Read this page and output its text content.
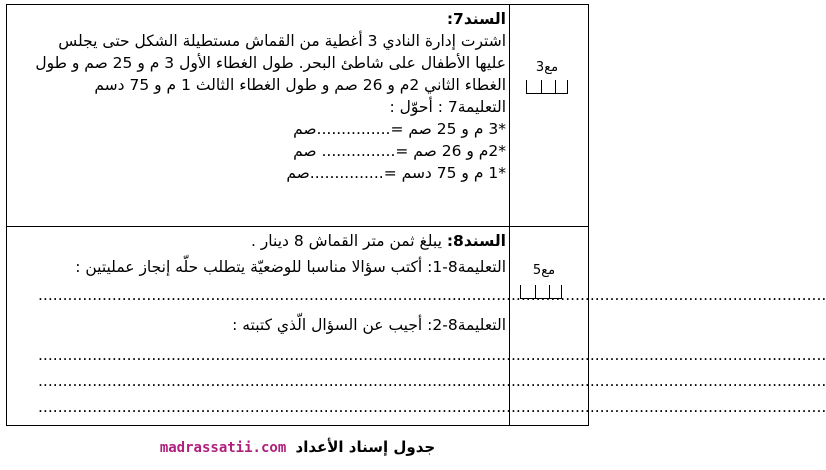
السند7:
اشترت إدارة النادي 3 أغطية من القماش مستطيلة الشكل حتى يجلس
عليها الأطفال على شاطئ البحر. طول الغطاء الأول 3 م و 25 صم و طول
الغطاء الثاني 2م و 26 صم و طول الغطاء الثالث 1 م و 75 دسم
التعليمة7 : أحوّل :
*3 م و 25 صم =...............صم
*2م و 26 صم =............... صم
*1 م و 75 دسم =...............صم
مع3
السند8: يبلغ ثمن متر القماش 8 دينار .
التعليمة8-1: أكتب سؤالا مناسبا للوضعيّة يتطلب حلّه إنجاز عمليتين :
................................................................................................................................................................
التعليمة8-2: أجيب عن السؤال الّذي كتبته :
................................................................................................................................................................
................................................................................................................................................................
................................................................................................................................................................
مع5
جدول إسناد الأعداد madrassatii.com
